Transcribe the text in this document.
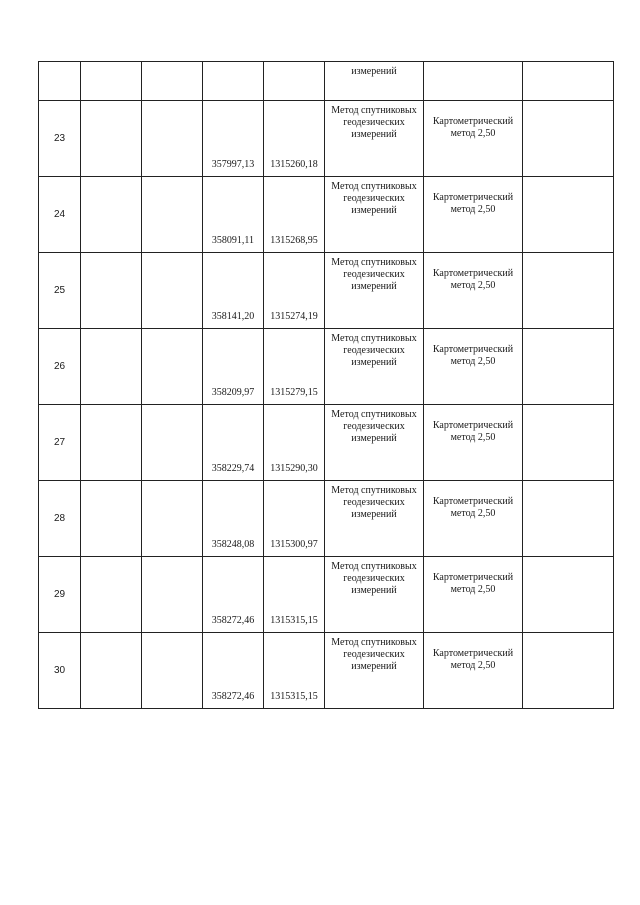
					измерений		
23			357997,13	1315260,18	Метод спутниковых геодезических измерений	Картометрический метод 2,50	
24			358091,11	1315268,95	Метод спутниковых геодезических измерений	Картометрический метод 2,50	
25			358141,20	1315274,19	Метод спутниковых геодезических измерений	Картометрический метод 2,50	
26			358209,97	1315279,15	Метод спутниковых геодезических измерений	Картометрический метод 2,50	
27			358229,74	1315290,30	Метод спутниковых геодезических измерений	Картометрический метод 2,50	
28			358248,08	1315300,97	Метод спутниковых геодезических измерений	Картометрический метод 2,50	
29			358272,46	1315315,15	Метод спутниковых геодезических измерений	Картометрический метод 2,50	
30			358272,46	1315315,15	Метод спутниковых геодезических измерений	Картометрический метод 2,50	
